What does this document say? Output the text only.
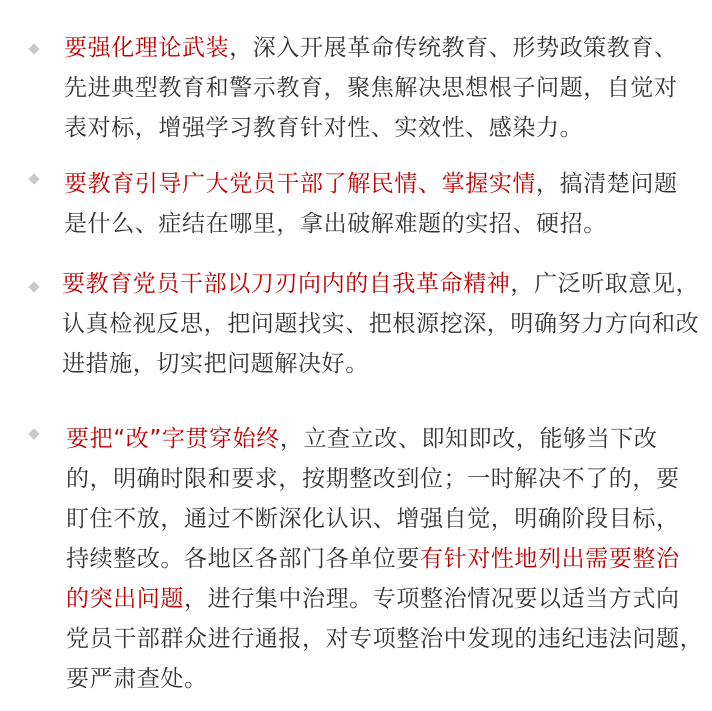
要强化理论武装，深入开展革命传统教育、形势政策教育、
先进典型教育和警示教育，聚焦解决思想根子问题，自觉对
表对标，增强学习教育针对性、实效性、感染力。
要教育引导广大党员干部了解民情、掌握实情，搞清楚问题
是什么、症结在哪里，拿出破解难题的实招、硬招。
要教育党员干部以刀刃向内的自我革命精神，广泛听取意见，
认真检视反思，把问题找实、把根源挖深，明确努力方向和改
进措施，切实把问题解决好。
要把“改”字贯穿始终，立查立改、即知即改，能够当下改
的，明确时限和要求，按期整改到位；一时解决不了的，要
盯住不放，通过不断深化认识、增强自觉，明确阶段目标，
持续整改。各地区各部门各单位要有针对性地列出需要整治
的突出问题，进行集中治理。专项整治情况要以适当方式向
党员干部群众进行通报，对专项整治中发现的违纪违法问题，
要严肃查处。
